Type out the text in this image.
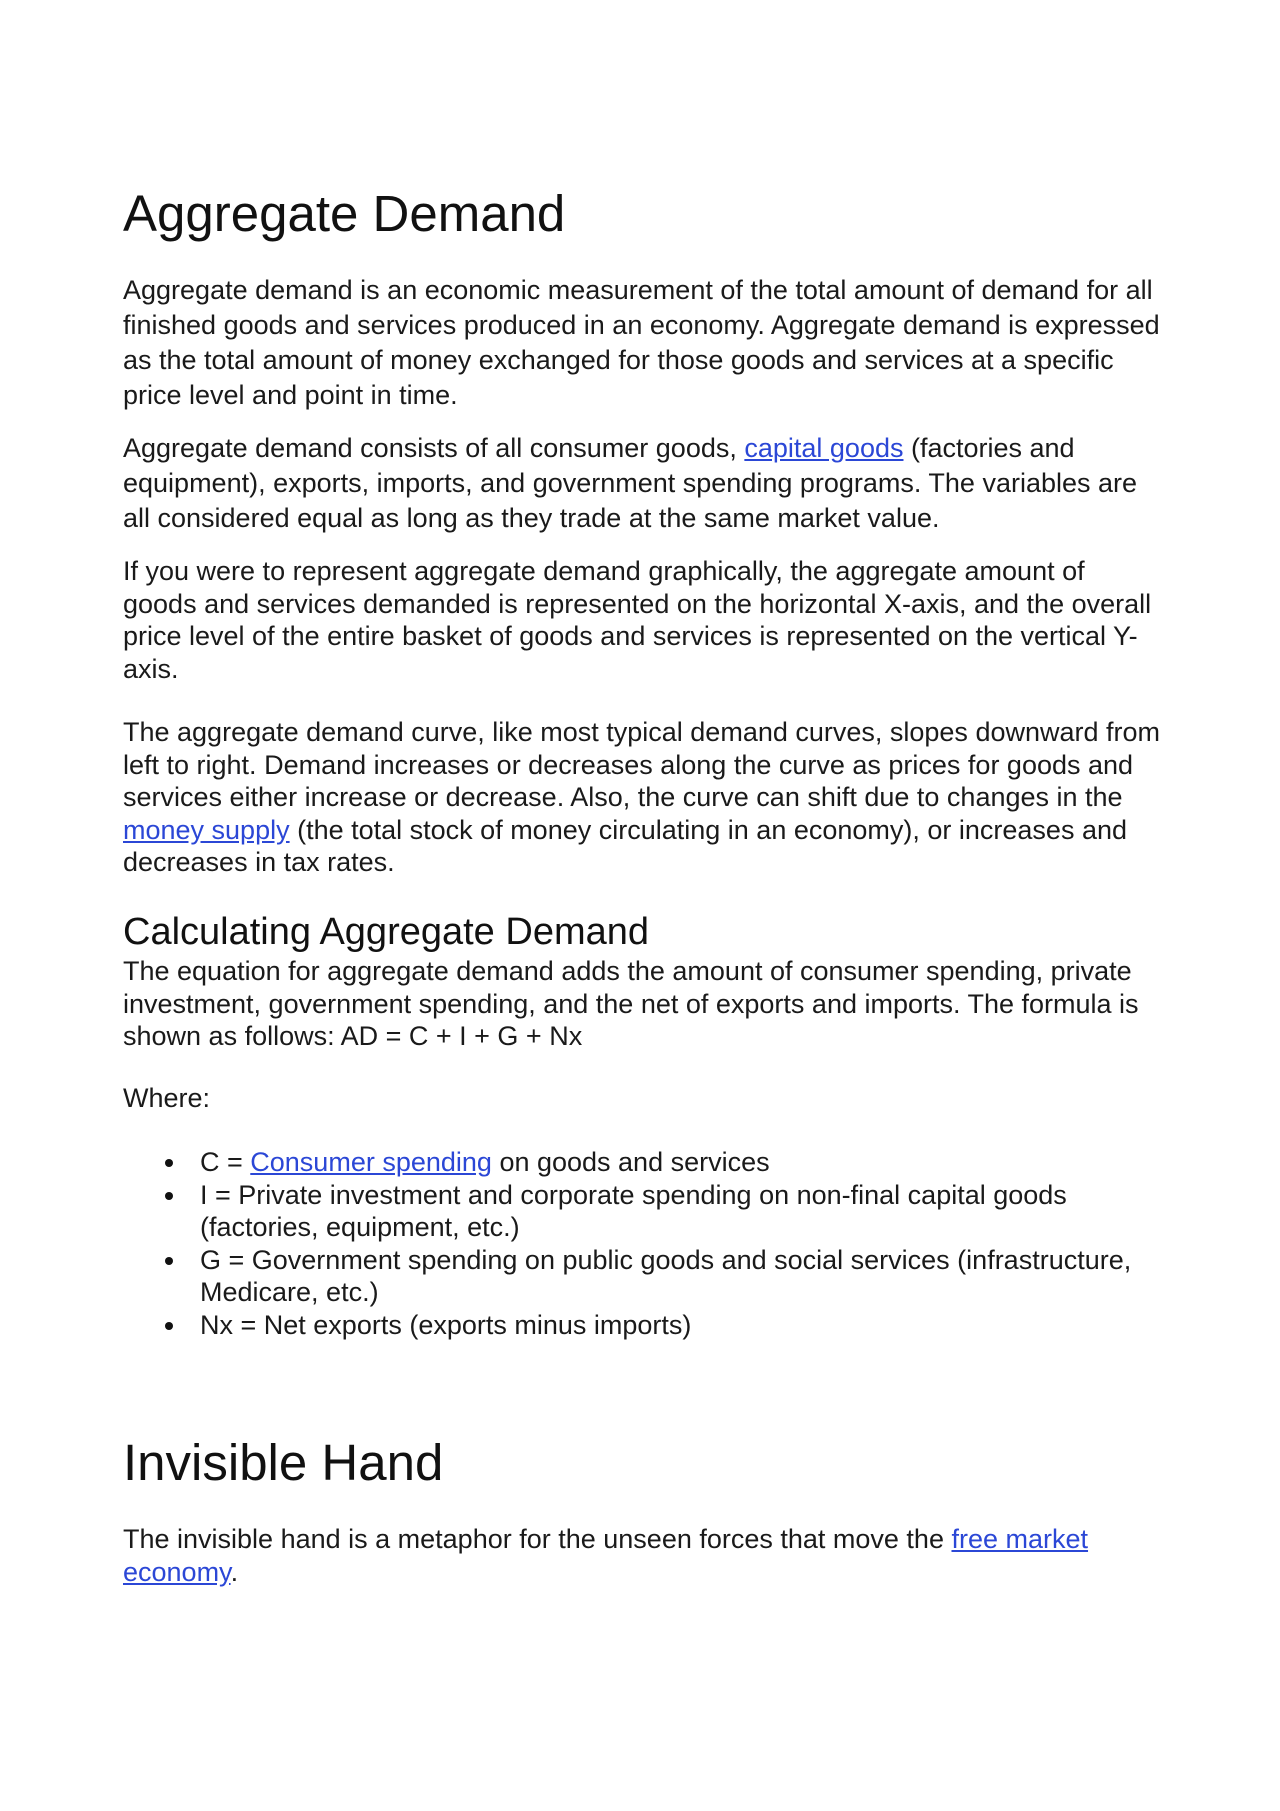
Aggregate Demand

Aggregate demand is an economic measurement of the total amount of demand for all finished goods and services produced in an economy. Aggregate demand is expressed as the total amount of money exchanged for those goods and services at a specific price level and point in time.

Aggregate demand consists of all consumer goods, capital goods (factories and equipment), exports, imports, and government spending programs. The variables are all considered equal as long as they trade at the same market value.

If you were to represent aggregate demand graphically, the aggregate amount of goods and services demanded is represented on the horizontal X-axis, and the overall price level of the entire basket of goods and services is represented on the vertical Y-axis.

The aggregate demand curve, like most typical demand curves, slopes downward from left to right. Demand increases or decreases along the curve as prices for goods and services either increase or decrease. Also, the curve can shift due to changes in the money supply (the total stock of money circulating in an economy), or increases and decreases in tax rates.

Calculating Aggregate Demand

The equation for aggregate demand adds the amount of consumer spending, private investment, government spending, and the net of exports and imports. The formula is shown as follows: AD = C + I + G + Nx

Where:

C = Consumer spending on goods and services
I = Private investment and corporate spending on non-final capital goods (factories, equipment, etc.)
G = Government spending on public goods and social services (infrastructure, Medicare, etc.)
Nx = Net exports (exports minus imports)
Invisible Hand

The invisible hand is a metaphor for the unseen forces that move the free market economy.
